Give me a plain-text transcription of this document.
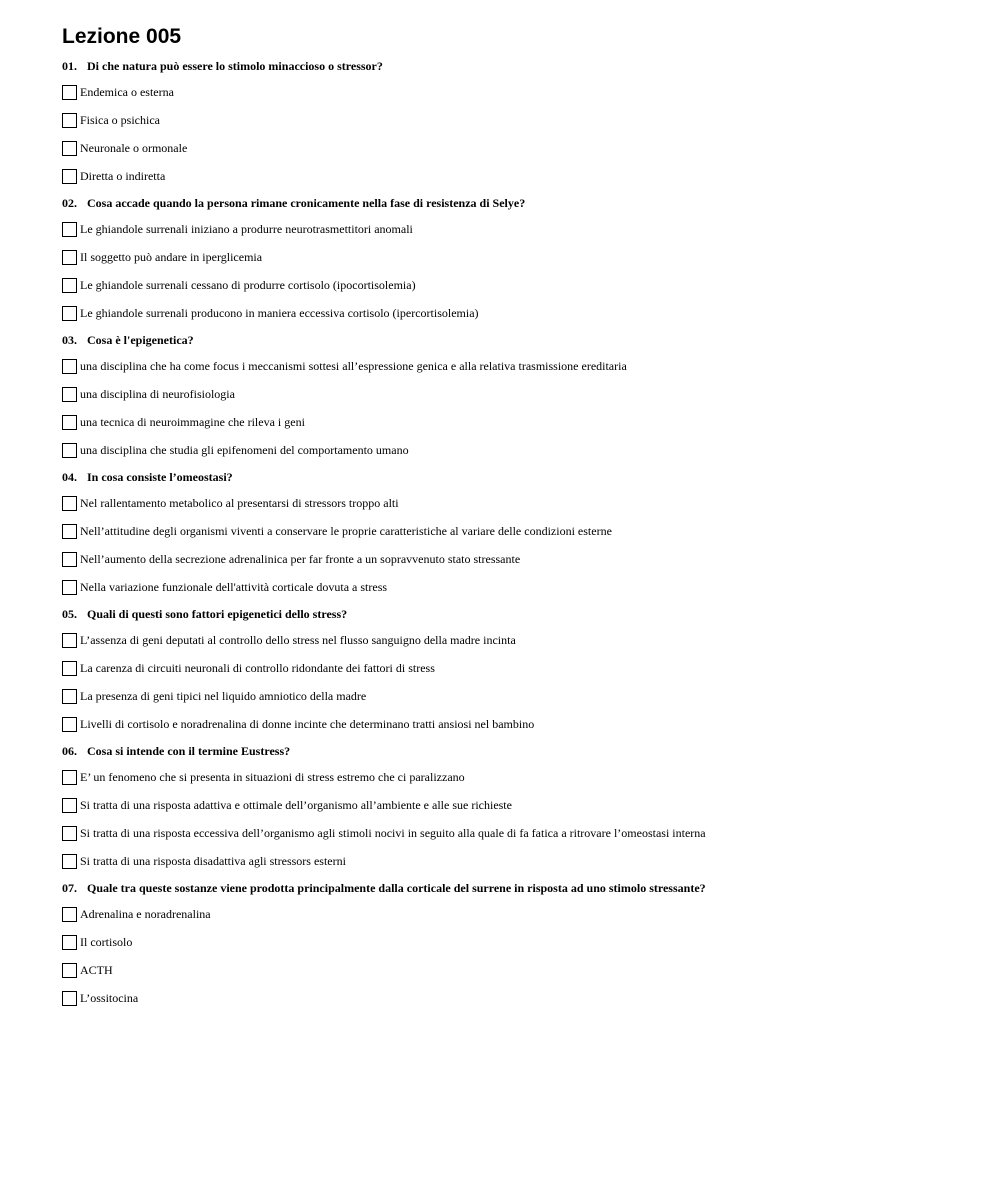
Lezione 005
01. Di che natura può essere lo stimolo minaccioso o stressor?
Endemica o esterna
Fisica o psichica
Neuronale o ormonale
Diretta o indiretta
02. Cosa accade quando la persona rimane cronicamente nella fase di resistenza di Selye?
Le ghiandole surrenali iniziano a produrre neurotrasmettitori anomali
Il soggetto può andare in iperglicemia
Le ghiandole surrenali cessano di produrre cortisolo (ipocortisolemia)
Le ghiandole surrenali producono in maniera eccessiva cortisolo (ipercortisolemia)
03. Cosa è l'epigenetica?
una disciplina che ha come focus i meccanismi sottesi all’espressione genica e alla relativa trasmissione ereditaria
una disciplina di neurofisiologia
una tecnica di neuroimmagine che rileva i geni
una disciplina che studia gli epifenomeni del comportamento umano
04. In cosa consiste l’omeostasi?
Nel rallentamento metabolico al presentarsi di stressors troppo alti
Nell’attitudine degli organismi viventi a conservare le proprie caratteristiche al variare delle condizioni esterne
Nell’aumento della secrezione adrenalinica per far fronte a un sopravvenuto stato stressante
Nella variazione funzionale dell'attività corticale dovuta a stress
05. Quali di questi sono fattori epigenetici dello stress?
L’assenza di geni deputati al controllo dello stress nel flusso sanguigno della madre incinta
La carenza di circuiti neuronali di controllo ridondante dei fattori di stress
La presenza di geni tipici nel liquido amniotico della madre
Livelli di cortisolo e noradrenalina di donne incinte che determinano tratti ansiosi nel bambino
06. Cosa si intende con il termine Eustress?
E’ un fenomeno che si presenta in situazioni di stress estremo che ci paralizzano
Si tratta di una risposta adattiva e ottimale dell’organismo all’ambiente e alle sue richieste
Si tratta di una risposta eccessiva dell’organismo agli stimoli nocivi in seguito alla quale di fa fatica a ritrovare l’omeostasi interna
Si tratta di una risposta disadattiva agli stressors esterni
07. Quale tra queste sostanze viene prodotta principalmente dalla corticale del surrene in risposta ad uno stimolo stressante?
Adrenalina e noradrenalina
Il cortisolo
ACTH
L’ossitocina
